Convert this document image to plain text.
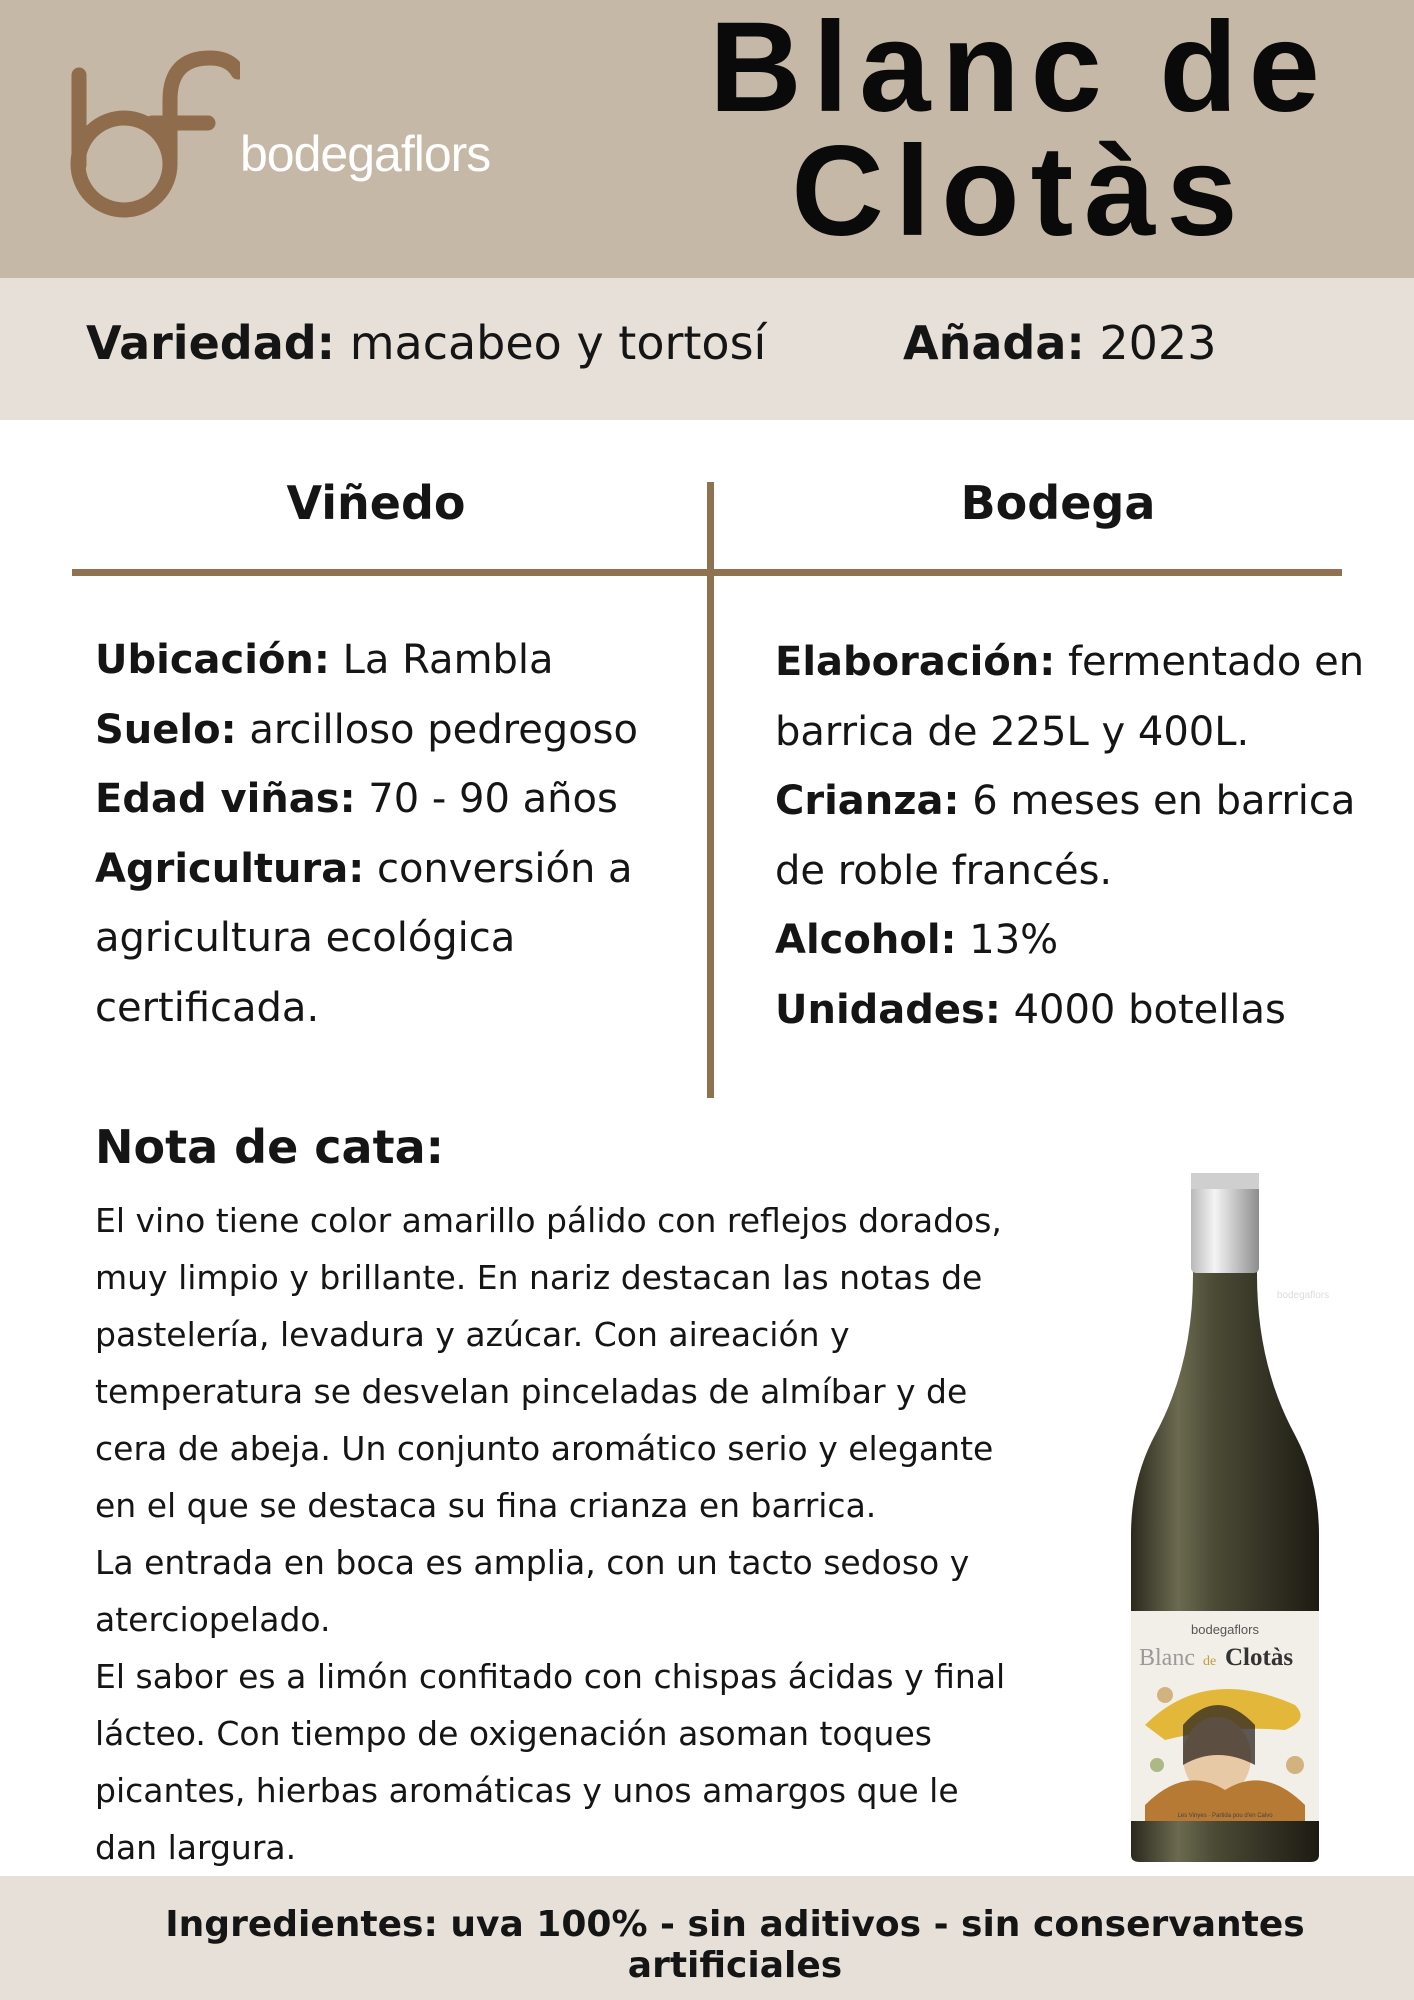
bodegaflors
Blanc de
Clotàs
Variedad: macabeo y tortosí	Añada: 2023
Viñedo	Bodega
Ubicación: La Rambla
Suelo: arcilloso pedregoso
Edad viñas: 70 - 90 años
Agricultura: conversión a agricultura ecológica certificada.
Elaboración: fermentado en barrica de 225L y 400L.
Crianza: 6 meses en barrica de roble francés.
Alcohol: 13%
Unidades: 4000 botellas
Nota de cata:

El vino tiene color amarillo pálido con reflejos dorados, muy limpio y brillante. En nariz destacan las notas de pastelería, levadura y azúcar. Con aireación y temperatura se desvelan pinceladas de almíbar y de cera de abeja. Un conjunto aromático serio y elegante en el que se destaca su fina crianza en barrica.

La entrada en boca es amplia, con un tacto sedoso y aterciopelado.

El sabor es a limón confitado con chispas ácidas y final lácteo. Con tiempo de oxigenación asoman toques picantes, hierbas aromáticas y unos amargos que le dan largura.

bodegaflors
Blanc de Clotàs
Les Vinyes · Partida pou d'en Calvo
bodegaflors
Ingredientes: uva 100% - sin aditivos - sin conservantes artificiales
